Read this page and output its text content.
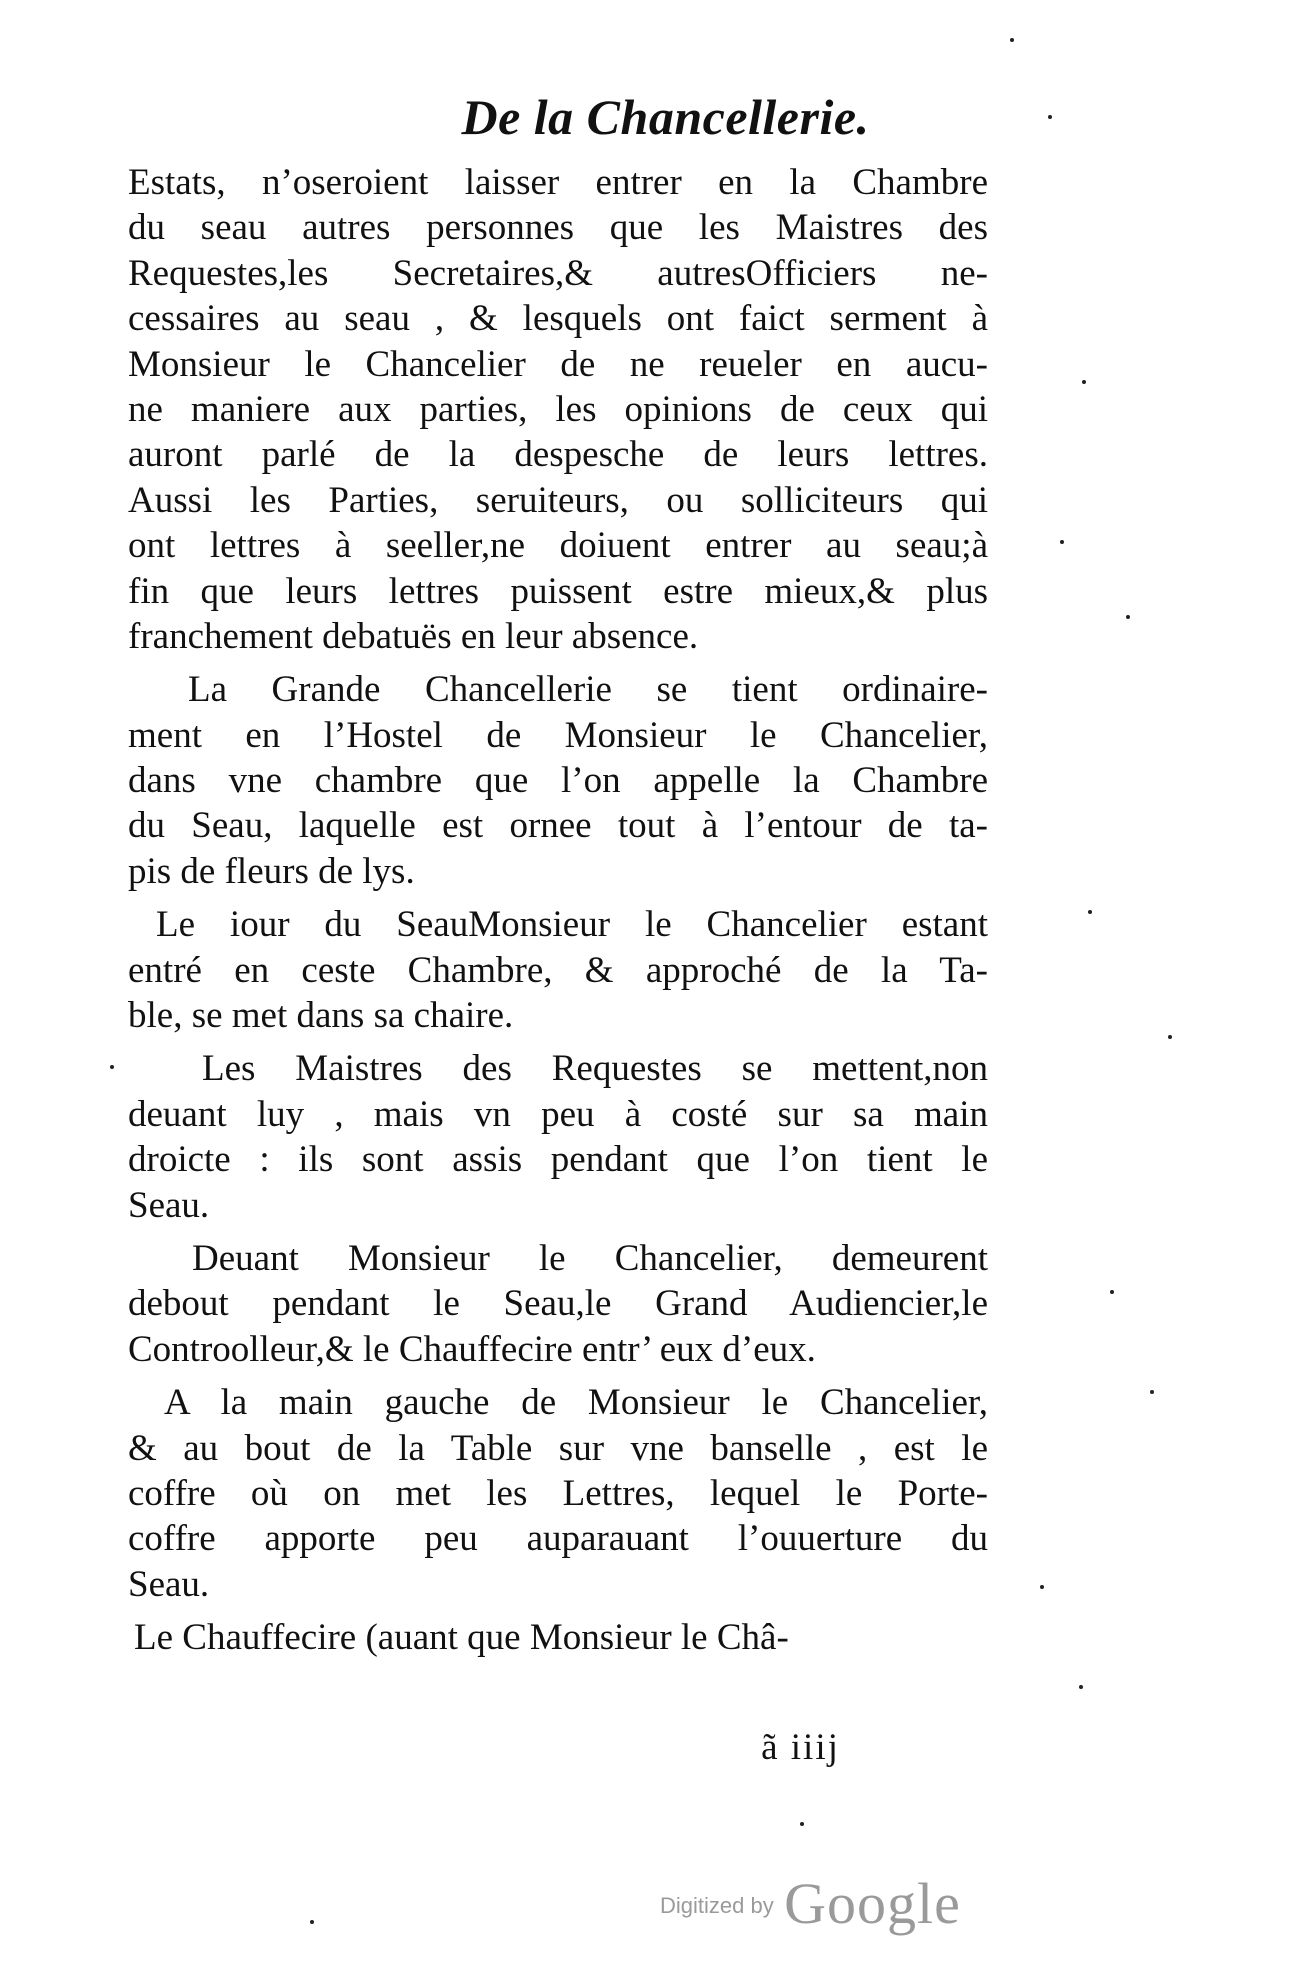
De la Chancellerie.
Estats, n’oseroient laisser entrer en la Chambre
du seau autres personnes que les Maistres des
Requestes,les Secretaires,& autresOfficiers ne-
cessaires au seau , & lesquels ont faict serment à
Monsieur le Chancelier de ne reueler en aucu-
ne maniere aux parties, les opinions de ceux qui
auront parlé de la despesche de leurs lettres.
Aussi les Parties, seruiteurs, ou solliciteurs qui
ont lettres à seeller,ne doiuent entrer au seau;à
fin que leurs lettres puissent estre mieux,& plus
franchement debatuës en leur absence.
La Grande Chancellerie se tient ordinaire-
ment en l’Hostel de Monsieur le Chancelier,
dans vne chambre que l’on appelle la Chambre
du Seau, laquelle est ornee tout à l’entour de ta-
pis de fleurs de lys.
Le iour du SeauMonsieur le Chancelier estant
entré en ceste Chambre, & approché de la Ta-
ble, se met dans sa chaire.
Les Maistres des Requestes se mettent,non
deuant luy , mais vn peu à costé sur sa main
droicte : ils sont assis pendant que l’on tient le
Seau.
Deuant Monsieur le Chancelier, demeurent
debout pendant le Seau,le Grand Audiencier,le
Controolleur,& le Chauffecire entr’ eux d’eux.
A la main gauche de Monsieur le Chancelier,
& au bout de la Table sur vne banselle , est le
coffre où on met les Lettres, lequel le Porte-
coffre apporte peu auparauant l’ouuerture du
Seau.
Le Chauffecire (auant que Monsieur le Châ-
ã iiij
Digitized by Google
